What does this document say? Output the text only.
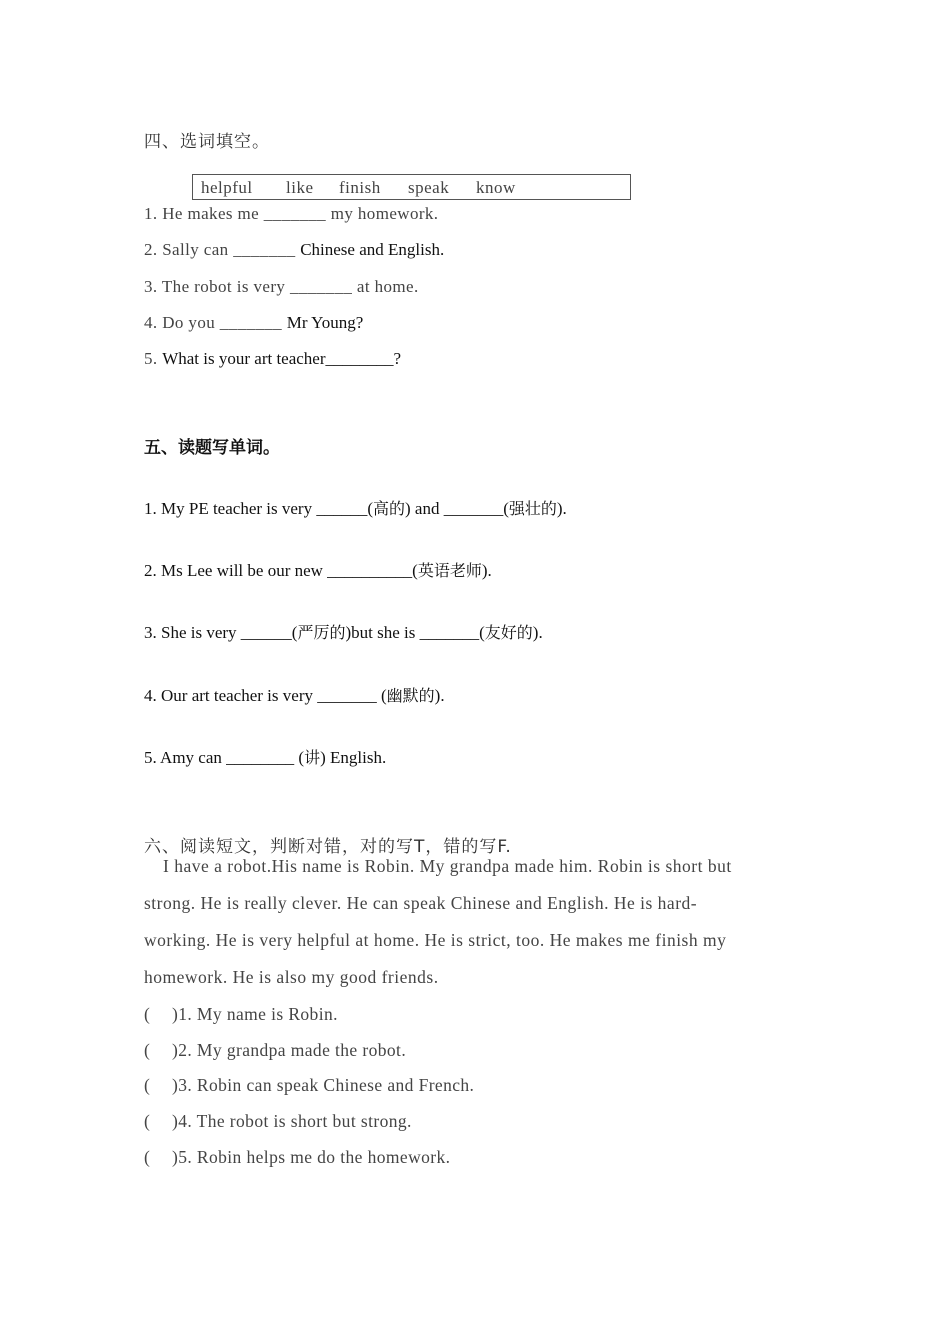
四、选词填空。
helpful like finish speak know
1. He makes me _______ my homework.
2. Sally can _______ Chinese and English.
3. The robot is very _______ at home.
4. Do you _______ Mr Young?
5. What is your art teacher________?
五、读题写单词。
1. My PE teacher is very ______(高的) and _______(强壮的).
2. Ms Lee will be our new __________(英语老师).
3. She is very ______(严厉的)but she is _______(友好的).
4. Our art teacher is very _______ (幽默的).
5. Amy can ________ (讲) English.
六、阅读短文，判断对错，对的写T，错的写F.
I have a robot.His name is Robin. My grandpa made him. Robin is short but
strong. He is really clever. He can speak Chinese and English. He is hard-
working. He is very helpful at home. He is strict, too. He makes me finish my
homework. He is also my good friends.
( )1. My name is Robin.
( )2. My grandpa made the robot.
( )3. Robin can speak Chinese and French.
( )4. The robot is short but strong.
( )5. Robin helps me do the homework.
